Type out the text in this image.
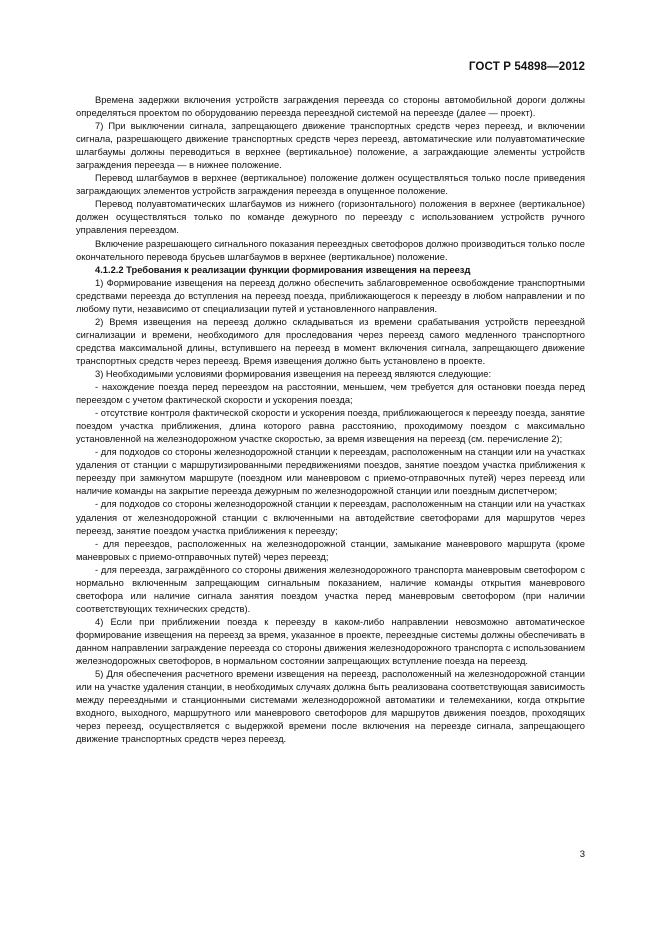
ГОСТ Р 54898—2012

Времена задержки включения устройств заграждения переезда со стороны автомобильной дороги должны определяться проектом по оборудованию переезда переездной системой на переезде (далее — проект).

7) При выключении сигнала, запрещающего движение транспортных средств через переезд, и включении сигнала, разрешающего движение транспортных средств через переезд, автоматические или полуавтоматические шлагбаумы должны переводиться в верхнее (вертикальное) положение, а заграждающие элементы устройств заграждения переезда — в нижнее положение.

Перевод шлагбаумов в верхнее (вертикальное) положение должен осуществляться только после приведения заграждающих элементов устройств заграждения переезда в опущенное положение.

Перевод полуавтоматических шлагбаумов из нижнего (горизонтального) положения в верхнее (вертикальное) должен осуществляться только по команде дежурного по переезду с использованием устройств ручного управления переездом.

Включение разрешающего сигнального показания переездных светофоров должно производиться только после окончательного перевода брусьев шлагбаумов в верхнее (вертикальное) положение.

4.1.2.2 Требования к реализации функции формирования извещения на переезд

1) Формирование извещения на переезд должно обеспечить заблаговременное освобождение транспортными средствами переезда до вступления на переезд поезда, приближающегося к переезду в любом направлении и по любому пути, независимо от специализации путей и установленного направления.

2) Время извещения на переезд должно складываться из времени срабатывания устройств переездной сигнализации и времени, необходимого для проследования через переезд самого медленного транспортного средства максимальной длины, вступившего на переезд в момент включения сигнала, запрещающего движение транспортных средств через переезд. Время извещения должно быть установлено в проекте.

3) Необходимыми условиями формирования извещения на переезд являются следующие:

- нахождение поезда перед переездом на расстоянии, меньшем, чем требуется для остановки поезда перед переездом с учетом фактической скорости и ускорения поезда;

- отсутствие контроля фактической скорости и ускорения поезда, приближающегося к переезду поезда, занятие поездом участка приближения, длина которого равна расстоянию, проходимому поездом с максимально установленной на железнодорожном участке скоростью, за время извещения на переезд (см. перечисление 2);

- для подходов со стороны железнодорожной станции к переездам, расположенным на станции или на участках удаления от станции с маршрутизированными передвижениями поездов, занятие поездом участка приближения к переезду при замкнутом маршруте (поездном или маневровом с приемо-отправочных путей) через переезд или наличие команды на закрытие переезда дежурным по железнодорожной станции или поездным диспетчером;

- для подходов со стороны железнодорожной станции к переездам, расположенным на станции или на участках удаления от железнодорожной станции с включенными на автодействие светофорами для маршрутов через переезд, занятие поездом участка приближения к переезду;

- для переездов, расположенных на железнодорожной станции, замыкание маневрового маршрута (кроме маневровых с приемо-отправочных путей) через переезд;

- для переезда, заграждённого со стороны движения железнодорожного транспорта маневровым светофором с нормально включенным запрещающим сигнальным показанием, наличие команды открытия маневрового светофора или наличие сигнала занятия поездом участка перед маневровым светофором (при наличии соответствующих технических средств).

4) Если при приближении поезда к переезду в каком-либо направлении невозможно автоматическое формирование извещения на переезд за время, указанное в проекте, переездные системы должны обеспечивать в данном направлении заграждение переезда со стороны движения железнодорожного транспорта с использованием железнодорожных светофоров, в нормальном состоянии запрещающих вступление поезда на переезд.

5) Для обеспечения расчетного времени извещения на переезд, расположенный на железнодорожной станции или на участке удаления станции, в необходимых случаях должна быть реализована соответствующая зависимость между переездными и станционными системами железнодорожной автоматики и телемеханики, когда открытие входного, выходного, маршрутного или маневрового светофоров для маршрутов движения поездов, проходящих через переезд, осуществляется с выдержкой времени после включения на переезде сигнала, запрещающего движение транспортных средств через переезд.

3
